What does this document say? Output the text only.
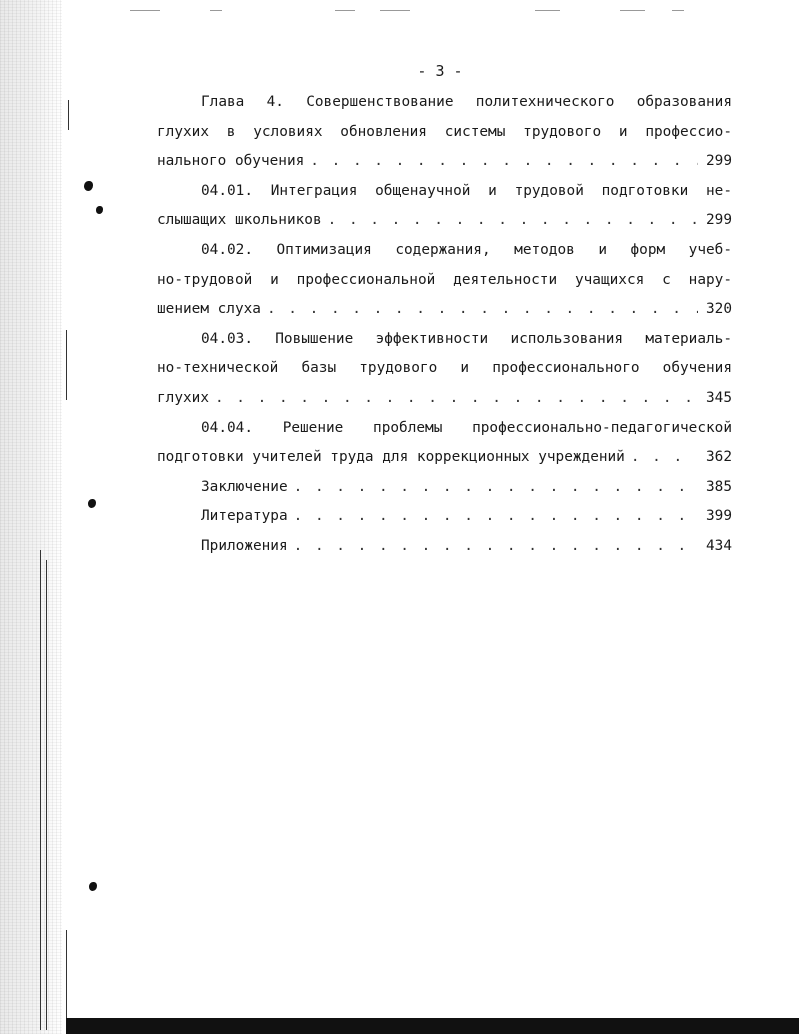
- 3 -
Глава 4. Совершенствование политехнического образования
глухих в условиях обновления системы трудового и профессио-
нального обучения . . .	299
04.01. Интеграция общенаучной и трудовой подготовки не-
слышащих школьников . . .	299
04.02. Оптимизация содержания, методов и форм учеб-
но-трудовой и профессиональной деятельности учащихся с нару-
шением слуха . . .	320
04.03. Повышение эффективности использования материаль-
но-технической базы трудового и профессионального обучения
глухих . . .	345
04.04. Решение проблемы профессионально-педагогической
подготовки учителей труда для коррекционных учреждений . . .	362
Заключение . . .	385
Литература . . .	399
Приложения . . .	434
